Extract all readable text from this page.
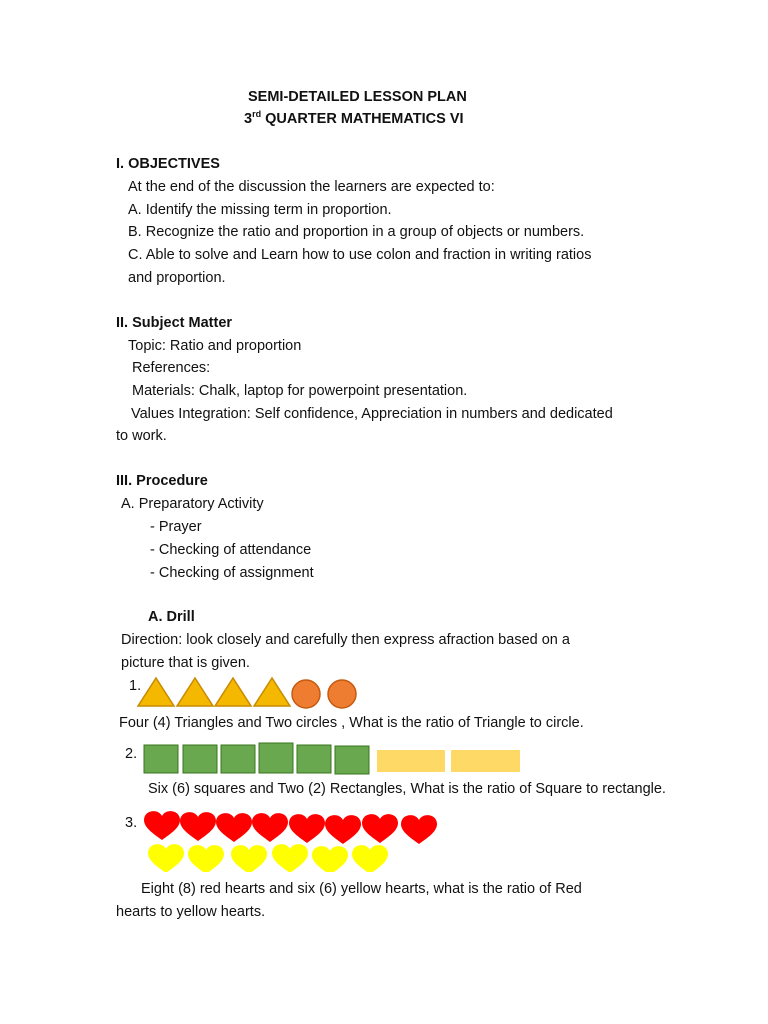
SEMI-DETAILED LESSON PLAN
3rd QUARTER MATHEMATICS VI
I. OBJECTIVES
At the end of the discussion the learners are expected to:
A. Identify the missing term in proportion.
B. Recognize the ratio and proportion in a group of objects or numbers.
C. Able to solve and Learn how to use colon and fraction in writing ratios
and proportion.
II. Subject Matter
Topic: Ratio and proportion
References:
Materials: Chalk, laptop for powerpoint presentation.
Values Integration: Self confidence, Appreciation in numbers and dedicated
to work.
III. Procedure
A. Preparatory Activity
- Prayer
- Checking of attendance
- Checking of assignment
A. Drill
Direction: look closely and carefully then express afraction based on a
picture that is given.
1.
Four (4) Triangles and Two circles , What is the ratio of Triangle to circle.
2.
Six (6) squares and Two (2) Rectangles, What is the ratio of Square to rectangle.
3.
Eight (8) red hearts and six (6) yellow hearts, what is the ratio of Red
hearts to yellow hearts.
